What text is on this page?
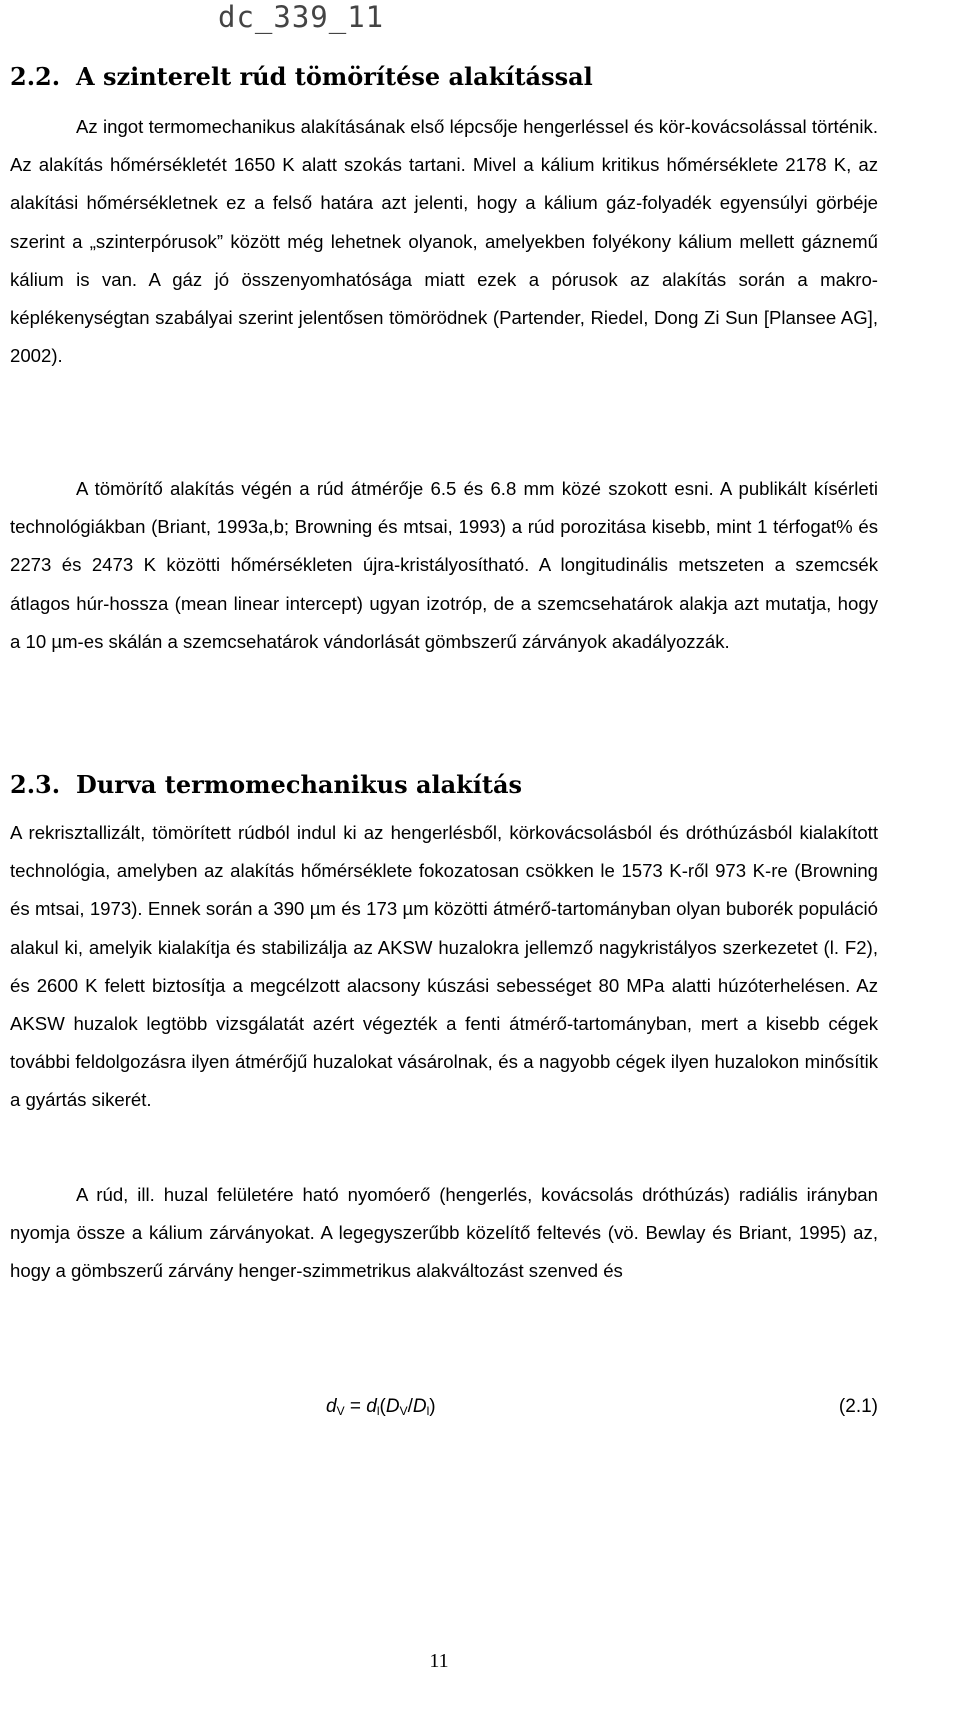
dc_339_11
2.2. A szinterelt rúd tömörítése alakítással

Az ingot termomechanikus alakításának első lépcsője hengerléssel és kör-kovácsolással történik. Az alakítás hőmérsékletét 1650 K alatt szokás tartani. Mivel a kálium kritikus hőmérséklete 2178 K, az alakítási hőmérsékletnek ez a felső határa azt jelenti, hogy a kálium gáz-folyadék egyensúlyi görbéje szerint a „szinterpórusok” között még lehetnek olyanok, amelyekben folyékony kálium mellett gáznemű kálium is van. A gáz jó összenyomhatósága miatt ezek a pórusok az alakítás során a makro-képlékenységtan szabályai szerint jelentősen tömörödnek (Partender, Riedel, Dong Zi Sun [Plansee AG], 2002).

A tömörítő alakítás végén a rúd átmérője 6.5 és 6.8 mm közé szokott esni. A publikált kísérleti technológiákban (Briant, 1993a,b; Browning és mtsai, 1993) a rúd porozitása kisebb, mint 1 térfogat% és 2273 és 2473 K közötti hőmérsékleten újra-kristályosítható. A longitudinális metszeten a szemcsék átlagos húr-hossza (mean linear intercept) ugyan izotróp, de a szemcsehatárok alakja azt mutatja, hogy a 10 µm-es skálán a szemcsehatárok vándorlását gömbszerű zárványok akadályozzák.

2.3. Durva termomechanikus alakítás

A rekrisztallizált, tömörített rúdból indul ki az hengerlésből, körkovácsolásból és dróthúzásból kialakított technológia, amelyben az alakítás hőmérséklete fokozatosan csökken le 1573 K-ről 973 K-re (Browning és mtsai, 1973). Ennek során a 390 µm és 173 µm közötti átmérő-tartományban olyan buborék populáció alakul ki, amelyik kialakítja és stabilizálja az AKSW huzalokra jellemző nagykristályos szerkezetet (l. F2), és 2600 K felett biztosítja a megcélzott alacsony kúszási sebességet 80 MPa alatti húzóterhelésen. Az AKSW huzalok legtöbb vizsgálatát azért végezték a fenti átmérő-tartományban, mert a kisebb cégek további feldolgozásra ilyen átmérőjű huzalokat vásárolnak, és a nagyobb cégek ilyen huzalokon minősítik a gyártás sikerét.

A rúd, ill. huzal felületére ható nyomóerő (hengerlés, kovácsolás dróthúzás) radiális irányban nyomja össze a kálium zárványokat. A legegyszerűbb közelítő feltevés (vö. Bewlay és Briant, 1995) az, hogy a gömbszerű zárvány henger-szimmetrikus alakváltozást szenved és

$d_V = d_l(D_V/D_l)$	(2.1)
11
